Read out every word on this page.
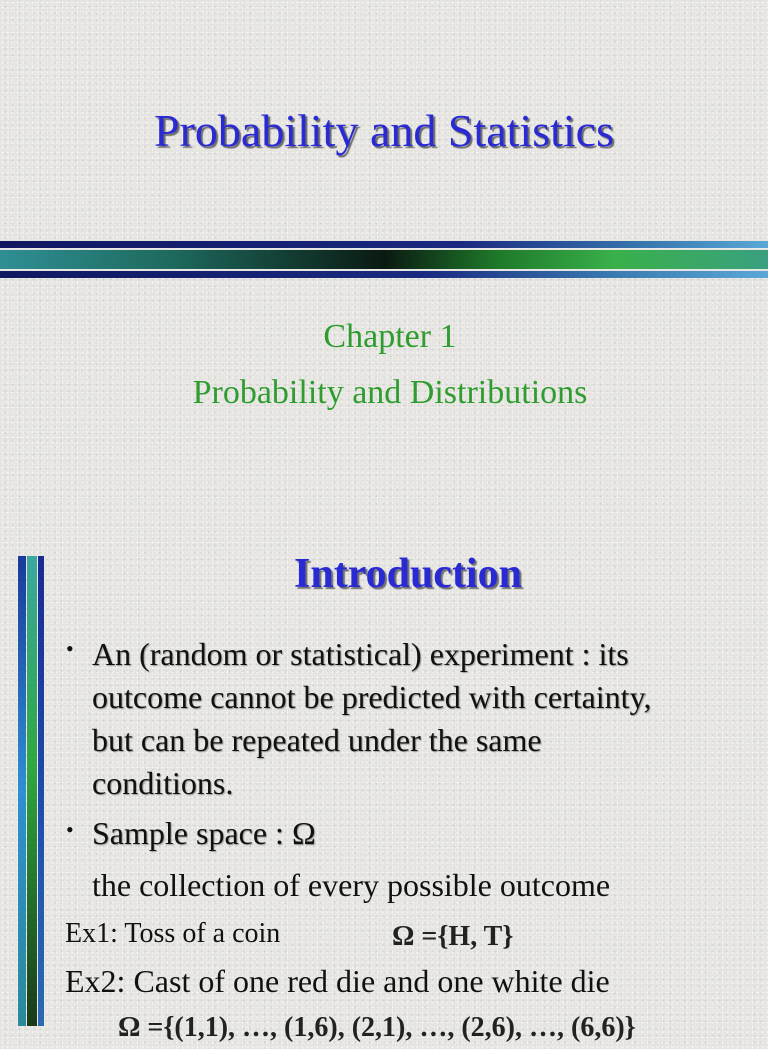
Probability and Statistics
Chapter 1
Probability and Distributions
Introduction
• An (random or statistical) experiment : its
outcome cannot be predicted with certainty,
but can be repeated under the same
conditions.
• Sample space : Ω
the collection of every possible outcome
Ex1: Toss of a coin	Ω ={H, T}
Ex2: Cast of one red die and one white die
Ω ={(1,1), …, (1,6), (2,1), …, (2,6), …, (6,6)}
